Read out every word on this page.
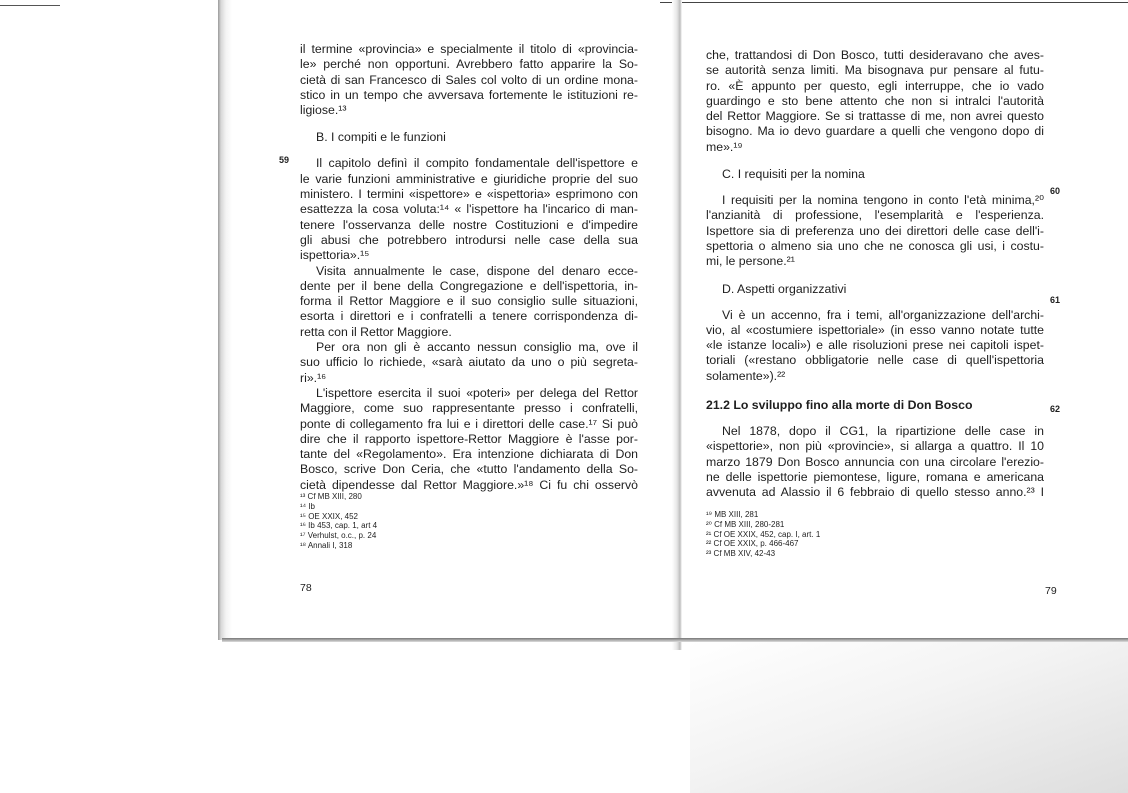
il termine «provincia» e specialmente il titolo di «provincia-

le» perché non opportuni. Avrebbero fatto apparire la So-

cietà di san Francesco di Sales col volto di un ordine mona-

stico in un tempo che avversava fortemente le istituzioni re-

ligiose.¹³

B. I compiti e le funzioni

Il capitolo definì il compito fondamentale dell'ispettore e

le varie funzioni amministrative e giuridiche proprie del suo

ministero. I termini «ispettore» e «ispettoria» esprimono con

esattezza la cosa voluta:¹⁴ « l'ispettore ha l'incarico di man-

tenere l'osservanza delle nostre Costituzioni e d'impedire

gli abusi che potrebbero introdursi nelle case della sua

ispettoria».¹⁵

Visita annualmente le case, dispone del denaro ecce-

dente per il bene della Congregazione e dell'ispettoria, in-

forma il Rettor Maggiore e il suo consiglio sulle situazioni,

esorta i direttori e i confratelli a tenere corrispondenza di-

retta con il Rettor Maggiore.

Per ora non gli è accanto nessun consiglio ma, ove il

suo ufficio lo richiede, «sarà aiutato da uno o più segreta-

ri».¹⁶

L'ispettore esercita il suoi «poteri» per delega del Rettor

Maggiore, come suo rappresentante presso i confratelli,

ponte di collegamento fra lui e i direttori delle case.¹⁷ Si può

dire che il rapporto ispettore-Rettor Maggiore è l'asse por-

tante del «Regolamento». Era intenzione dichiarata di Don

Bosco, scrive Don Ceria, che «tutto l'andamento della So-

cietà dipendesse dal Rettor Maggiore.»¹⁸ Ci fu chi osservò

59

¹³ Cf MB XIII, 280

¹⁴ Ib

¹⁵ OE XXIX, 452

¹⁶ Ib 453, cap. 1, art 4

¹⁷ Verhulst, o.c., p. 24

¹⁸ Annali I, 318

78

che, trattandosi di Don Bosco, tutti desideravano che aves-

se autorità senza limiti. Ma bisognava pur pensare al futu-

ro. «È appunto per questo, egli interruppe, che io vado

guardingo e sto bene attento che non si intralci l'autorità

del Rettor Maggiore. Se si trattasse di me, non avrei questo

bisogno. Ma io devo guardare a quelli che vengono dopo di

me».¹⁹

C. I requisiti per la nomina

I requisiti per la nomina tengono in conto l'età minima,²⁰

l'anzianità di professione, l'esemplarità e l'esperienza.

Ispettore sia di preferenza uno dei direttori delle case dell'i-

spettoria o almeno sia uno che ne conosca gli usi, i costu-

mi, le persone.²¹

D. Aspetti organizzativi

Vi è un accenno, fra i temi, all'organizzazione dell'archi-

vio, al «costumiere ispettoriale» (in esso vanno notate tutte

«le istanze locali») e alle risoluzioni prese nei capitoli ispet-

toriali («restano obbligatorie nelle case di quell'ispettoria

solamente»).²²

21.2 Lo sviluppo fino alla morte di Don Bosco

Nel 1878, dopo il CG1, la ripartizione delle case in

«ispettorie», non più «provincie», si allarga a quattro. Il 10

marzo 1879 Don Bosco annuncia con una circolare l'erezio-

ne delle ispettorie piemontese, ligure, romana e americana

avvenuta ad Alassio il 6 febbraio di quello stesso anno.²³ I

60
61
62

¹⁹ MB XIII, 281

²⁰ Cf MB XIII, 280-281

²¹ Cf OE XXIX, 452, cap. I, art. 1

²² Cf OE XXIX, p. 466-467

²³ Cf MB XIV, 42-43

79
